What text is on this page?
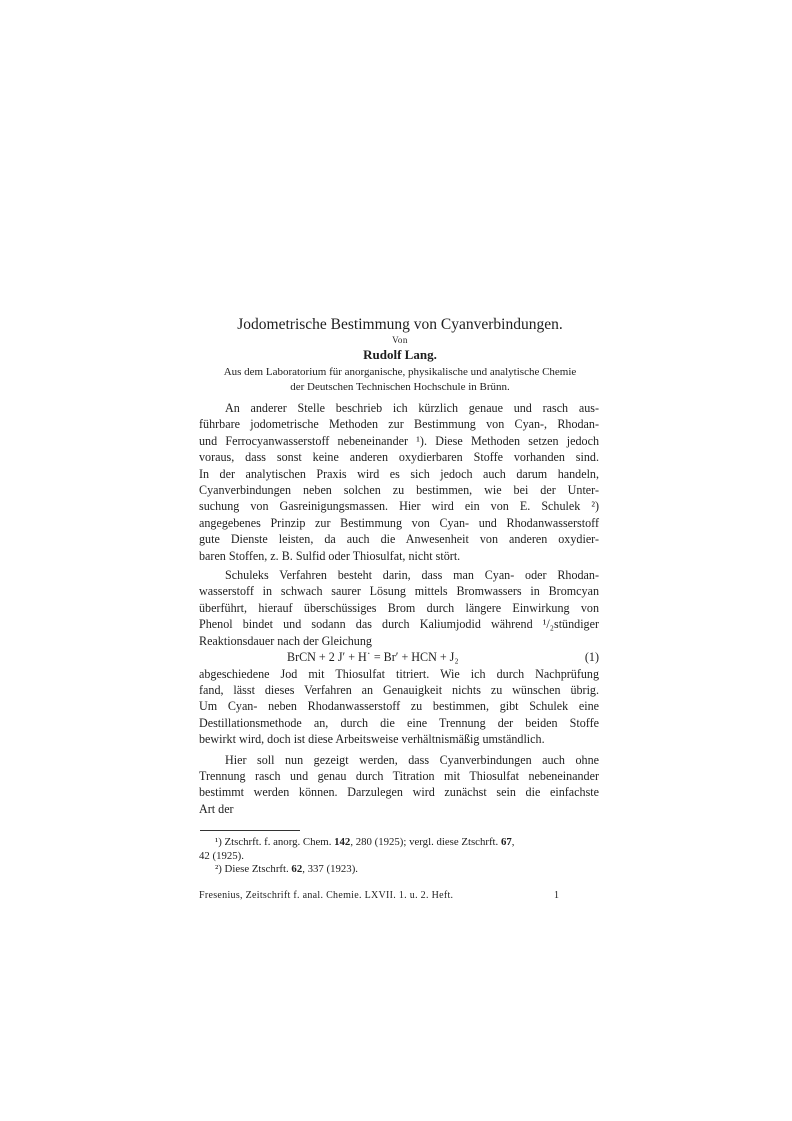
Jodometrische Bestimmung von Cyanverbindungen.
Von
Rudolf Lang.
Aus dem Laboratorium für anorganische, physikalische und analytische Chemie
der Deutschen Technischen Hochschule in Brünn.
An anderer Stelle beschrieb ich kürzlich genaue und rasch aus-
führbare jodometrische Methoden zur Bestimmung von Cyan-, Rhodan-
und Ferrocyanwasserstoff nebeneinander ¹). Diese Methoden setzen jedoch
voraus, dass sonst keine anderen oxydierbaren Stoffe vorhanden sind.
In der analytischen Praxis wird es sich jedoch auch darum handeln,
Cyanverbindungen neben solchen zu bestimmen, wie bei der Unter-
suchung von Gasreinigungsmassen. Hier wird ein von E. Schulek ²)
angegebenes Prinzip zur Bestimmung von Cyan- und Rhodanwasserstoff
gute Dienste leisten, da auch die Anwesenheit von anderen oxydier-
baren Stoffen, z. B. Sulfid oder Thiosulfat, nicht stört.
Schuleks Verfahren besteht darin, dass man Cyan- oder Rhodan-
wasserstoff in schwach saurer Lösung mittels Bromwassers in Bromcyan
überführt, hierauf überschüssiges Brom durch längere Einwirkung von
Phenol bindet und sodann das durch Kaliumjodid während ¹/₂stündiger
Reaktionsdauer nach der Gleichung
BrCN + 2 J′ + H˙ = Br′ + HCN + J₂	(1)
abgeschiedene Jod mit Thiosulfat titriert. Wie ich durch Nachprüfung
fand, lässt dieses Verfahren an Genauigkeit nichts zu wünschen übrig.
Um Cyan- neben Rhodanwasserstoff zu bestimmen, gibt Schulek eine
Destillationsmethode an, durch die eine Trennung der beiden Stoffe
bewirkt wird, doch ist diese Arbeitsweise verhältnismäßig umständlich.
Hier soll nun gezeigt werden, dass Cyanverbindungen auch ohne
Trennung rasch und genau durch Titration mit Thiosulfat nebeneinander
bestimmt werden können. Darzulegen wird zunächst sein die einfachste
Art der
¹) Ztschrft. f. anorg. Chem. 142, 280 (1925); vergl. diese Ztschrft. 67,
42 (1925).
²) Diese Ztschrft. 62, 337 (1923).
Fresenius, Zeitschrift f. anal. Chemie. LXVII. 1. u. 2. Heft.	1
